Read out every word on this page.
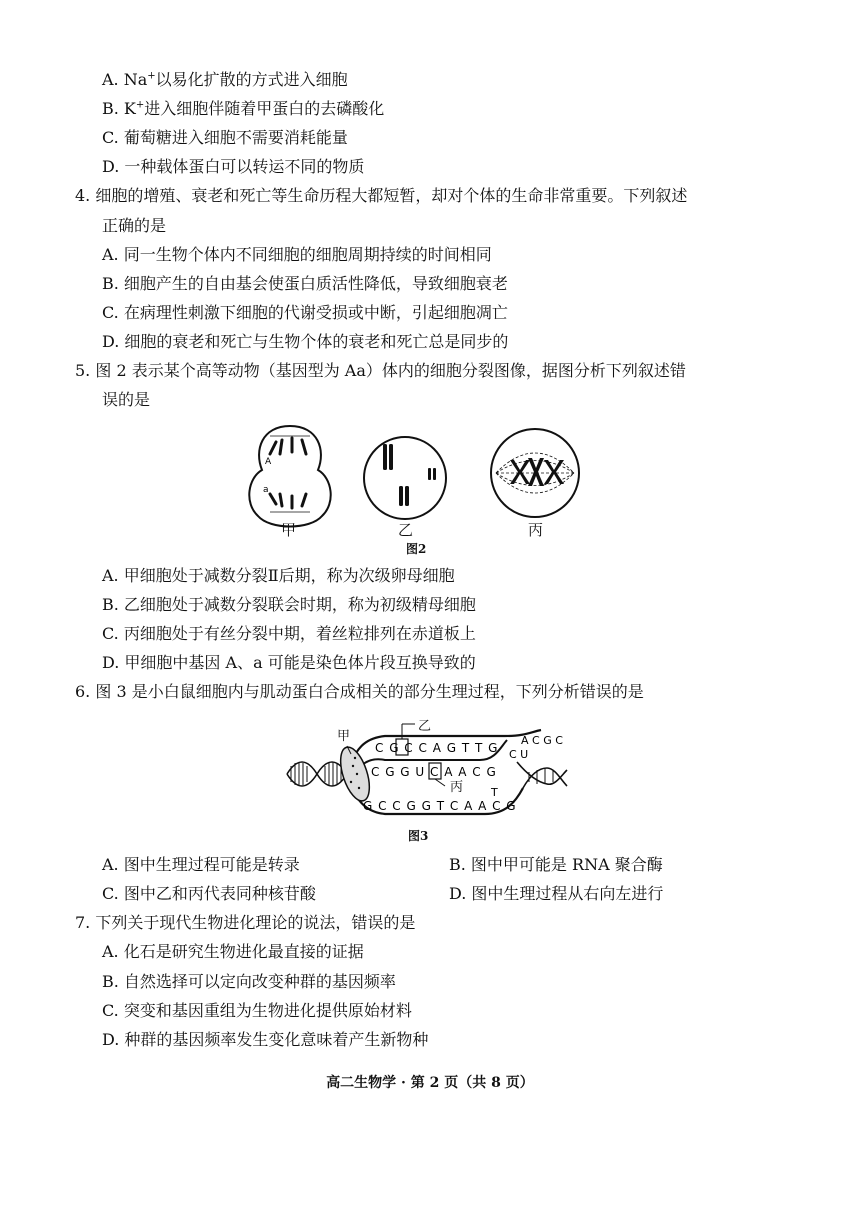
A. Na+以易化扩散的方式进入细胞
B. K+进入细胞伴随着甲蛋白的去磷酸化
C. 葡萄糖进入细胞不需要消耗能量
D. 一种载体蛋白可以转运不同的物质
4. 细胞的增殖、衰老和死亡等生命历程大都短暂，却对个体的生命非常重要。下列叙述
正确的是
A. 同一生物个体内不同细胞的细胞周期持续的时间相同
B. 细胞产生的自由基会使蛋白质活性降低，导致细胞衰老
C. 在病理性刺激下细胞的代谢受损或中断，引起细胞凋亡
D. 细胞的衰老和死亡与生物个体的衰老和死亡总是同步的
5. 图 2 表示某个高等动物（基因型为 Aa）体内的细胞分裂图像，据图分析下列叙述错
误的是
A
a
甲	乙	丙
图2
A. 甲细胞处于减数分裂Ⅱ后期，称为次级卵母细胞
B. 乙细胞处于减数分裂联会时期，称为初级精母细胞
C. 丙细胞处于有丝分裂中期，着丝粒排列在赤道板上
D. 甲细胞中基因 A、a 可能是染色体片段互换导致的
6. 图 3 是小白鼠细胞内与肌动蛋白合成相关的部分生理过程，下列分析错误的是
C G C C A G T T G C U
A C G C
C G G U C A A C G
G C C G G T C A A C G
T
甲
乙
丙
图3
A. 图中生理过程可能是转录	B. 图中甲可能是 RNA 聚合酶
C. 图中乙和丙代表同种核苷酸	D. 图中生理过程从右向左进行
7. 下列关于现代生物进化理论的说法，错误的是
A. 化石是研究生物进化最直接的证据
B. 自然选择可以定向改变种群的基因频率
C. 突变和基因重组为生物进化提供原始材料
D. 种群的基因频率发生变化意味着产生新物种
高二生物学 · 第 2 页（共 8 页）
